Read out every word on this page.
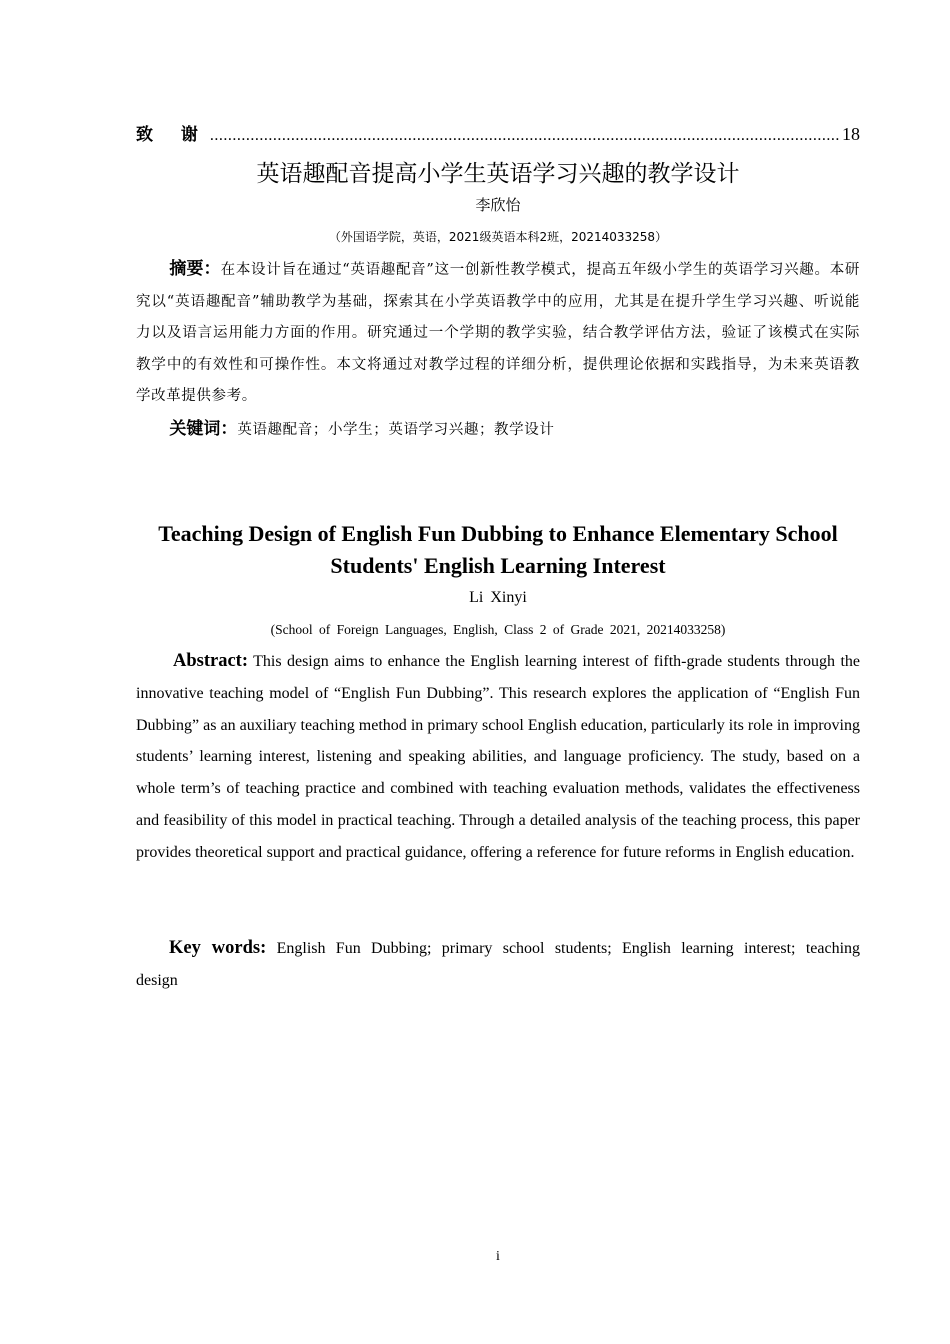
致 谢
.....	18
英语趣配音提高小学生英语学习兴趣的教学设计
李欣怡
（外国语学院，英语，2021级英语本科2班，20214033258）

摘要：在本设计旨在通过“英语趣配音”这一创新性教学模式，提高五年级小学生的英语学习兴趣。本研究以“英语趣配音”辅助教学为基础，探索其在小学英语教学中的应用，尤其是在提升学生学习兴趣、听说能力以及语言运用能力方面的作用。研究通过一个学期的教学实验，结合教学评估方法，验证了该模式在实际教学中的有效性和可操作性。本文将通过对教学过程的详细分析，提供理论依据和实践指导，为未来英语教学改革提供参考。

关键词：英语趣配音；小学生；英语学习兴趣；教学设计

Teaching Design of English Fun Dubbing to Enhance Elementary School Students' English Learning Interest
Li Xinyi
(School of Foreign Languages, English, Class 2 of Grade 2021, 20214033258)

Abstract: This design aims to enhance the English learning interest of fifth-grade students through the innovative teaching model of “English Fun Dubbing”. This research explores the application of “English Fun Dubbing” as an auxiliary teaching method in primary school English education, particularly its role in improving students’ learning interest, listening and speaking abilities, and language proficiency. The study, based on a whole term’s of teaching practice and combined with teaching evaluation methods, validates the effectiveness and feasibility of this model in practical teaching. Through a detailed analysis of the teaching process, this paper provides theoretical support and practical guidance, offering a reference for future reforms in English education.

Key words: English Fun Dubbing; primary school students; English learning interest; teaching design

i
